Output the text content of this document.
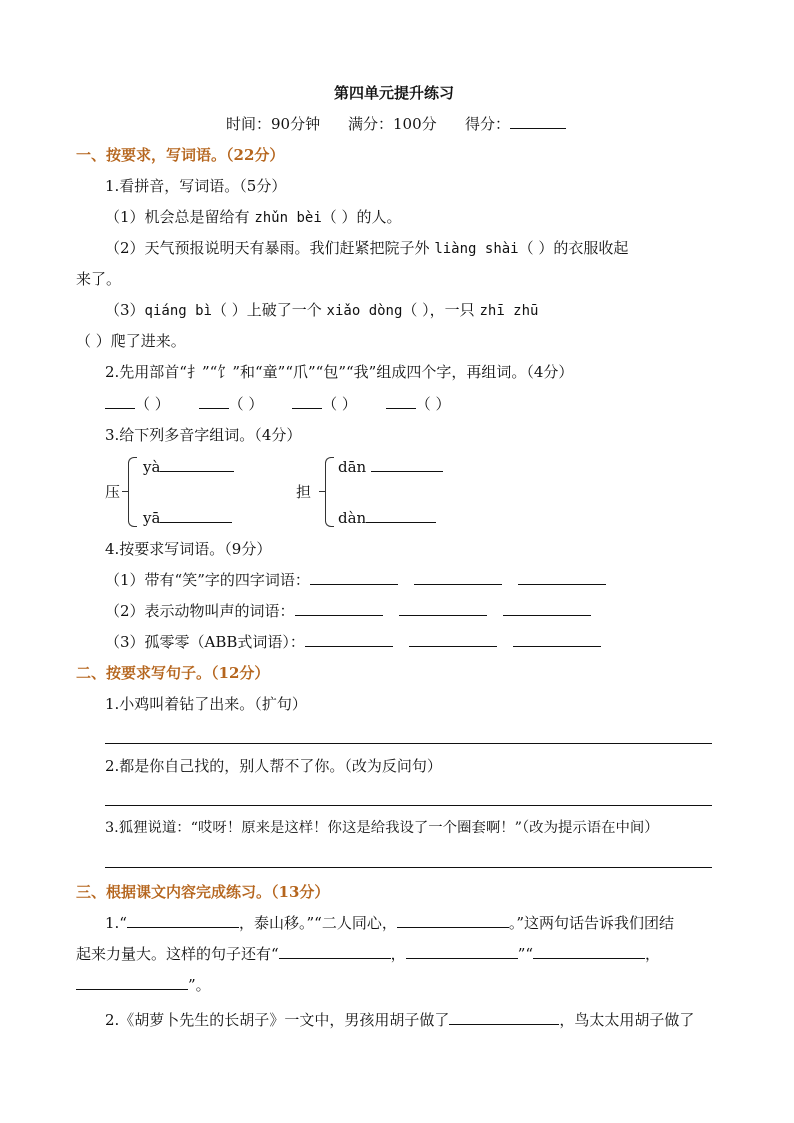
第四单元提升练习
时间：90分钟 满分：100分 得分：
一、按要求，写词语。（22分）
1.看拼音，写词语。（5分）
（1）机会总是留给有 zhǔn bèi（ ）的人。
（2）天气预报说明天有暴雨。我们赶紧把院子外 liàng shài（ ）的衣服收起
来了。
（3）qiáng bì（ ）上破了一个 xiǎo dòng（ ），一只 zhī zhū
（ ）爬了进来。
2.先用部首“扌”“饣”和“童”“爪”“包”“我”组成四个字，再组词。（4分）
（ ）	（ ）	（ ）	（ ）
3.给下列多音字组词。（4分）
压
yà
yā
担
dān
dàn
4.按要求写词语。（9分）
（1）带有“笑”字的四字词语：
（2）表示动物叫声的词语：
（3）孤零零（ABB式词语）：
二、按要求写句子。（12分）
1.小鸡叫着钻了出来。（扩句）
2.都是你自己找的，别人帮不了你。（改为反问句）
3.狐狸说道：“哎呀！原来是这样！你这是给我设了一个圈套啊！”（改为提示语在中间）
三、根据课文内容完成练习。（13分）
1.“	，泰山移。”“二人同心，	。”这两句话告诉我们团结
起来力量大。这样的句子还有“	，	”“	，
”。
2.《胡萝卜先生的长胡子》一文中，男孩用胡子做了	，鸟太太用胡子做了
